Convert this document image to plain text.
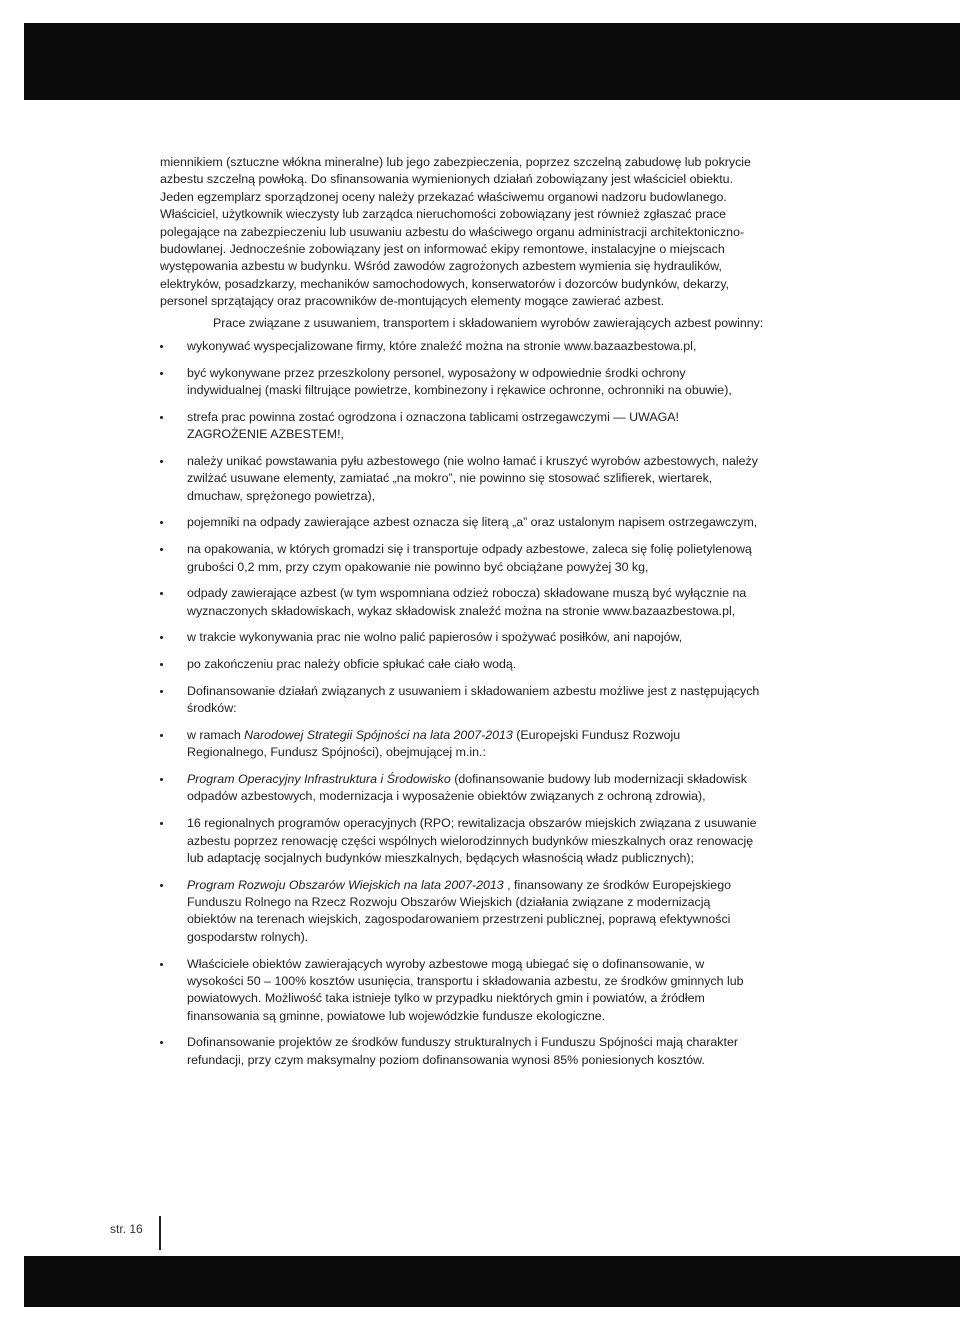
miennikiem (sztuczne włókna mineralne) lub jego zabezpieczenia, poprzez szczelną zabudowę lub pokrycie azbestu szczelną powłoką. Do sfinansowania wymienionych działań zobowiązany jest właściciel obiektu. Jeden egzemplarz sporządzonej oceny należy przekazać właściwemu organowi nadzoru budowlanego. Właściciel, użytkownik wieczysty lub zarządca nieruchomości zobowiązany jest również zgłaszać prace polegające na zabezpieczeniu lub usuwaniu azbestu do właściwego organu administracji architektoniczno-budowlanej. Jednocześnie zobowiązany jest on informować ekipy remontowe, instalacyjne o miejscach występowania azbestu w budynku. Wśród zawodów zagrożonych azbestem wymienia się hydraulików, elektryków, posadzkarzy, mechaników samochodowych, konserwatorów i dozorców budynków, dekarzy, personel sprzątający oraz pracowników de-montujących elementy mogące zawierać azbest.

Prace związane z usuwaniem, transportem i składowaniem wyrobów zawierających azbest powinny:

wykonywać wyspecjalizowane firmy, które znaleźć można na stronie www.bazaazbestowa.pl,

być wykonywane przez przeszkolony personel, wyposażony w odpowiednie środki ochrony indywidualnej (maski filtrujące powietrze, kombinezony i rękawice ochronne, ochronniki na obuwie),

strefa prac powinna zostać ogrodzona i oznaczona tablicami ostrzegawczymi — UWAGA! ZAGROŻENIE AZBESTEM!,

należy unikać powstawania pyłu azbestowego (nie wolno łamać i kruszyć wyrobów azbestowych, należy zwilżać usuwane elementy, zamiatać „na mokro”, nie powinno się stosować szlifierek, wiertarek, dmuchaw, sprężonego powietrza),

pojemniki na odpady zawierające azbest oznacza się literą „a” oraz ustalonym napisem ostrzegawczym,

na opakowania, w których gromadzi się i transportuje odpady azbestowe, zaleca się folię polietylenową grubości 0,2 mm, przy czym opakowanie nie powinno być obciążane powyżej 30 kg,

odpady zawierające azbest (w tym wspomniana odzież robocza) składowane muszą być wyłącznie na wyznaczonych składowiskach, wykaz składowisk znaleźć można na stronie www.bazaazbestowa.pl,

w trakcie wykonywania prac nie wolno palić papierosów i spożywać posiłków, ani napojów,

po zakończeniu prac należy obficie spłukać całe ciało wodą.

Dofinansowanie działań związanych z usuwaniem i składowaniem azbestu możliwe jest z następujących środków:

w ramach Narodowej Strategii Spójności na lata 2007-2013 (Europejski Fundusz Rozwoju Regionalnego, Fundusz Spójności), obejmującej m.in.:

Program Operacyjny Infrastruktura i Środowisko (dofinansowanie budowy lub modernizacji składowisk odpadów azbestowych, modernizacja i wyposażenie obiektów związanych z ochroną zdrowia),

16 regionalnych programów operacyjnych (RPO; rewitalizacja obszarów miejskich związana z usuwanie azbestu poprzez renowację części wspólnych wielorodzinnych budynków mieszkalnych oraz renowację lub adaptację socjalnych budynków mieszkalnych, będących własnością władz publicznych);

Program Rozwoju Obszarów Wiejskich na lata 2007-2013 , finansowany ze środków Europejskiego Funduszu Rolnego na Rzecz Rozwoju Obszarów Wiejskich (działania związane z modernizacją obiektów na terenach wiejskich, zagospodarowaniem przestrzeni publicznej, poprawą efektywności gospodarstw rolnych).

Właściciele obiektów zawierających wyroby azbestowe mogą ubiegać się o dofinansowanie, w wysokości 50 – 100% kosztów usunięcia, transportu i składowania azbestu, ze środków gminnych lub powiatowych. Możliwość taka istnieje tylko w przypadku niektórych gmin i powiatów, a źródłem finansowania są gminne, powiatowe lub wojewódzkie fundusze ekologiczne.

Dofinansowanie projektów ze środków funduszy strukturalnych i Funduszu Spójności mają charakter refundacji, przy czym maksymalny poziom dofinansowania wynosi 85% poniesionych kosztów.

str. 16
